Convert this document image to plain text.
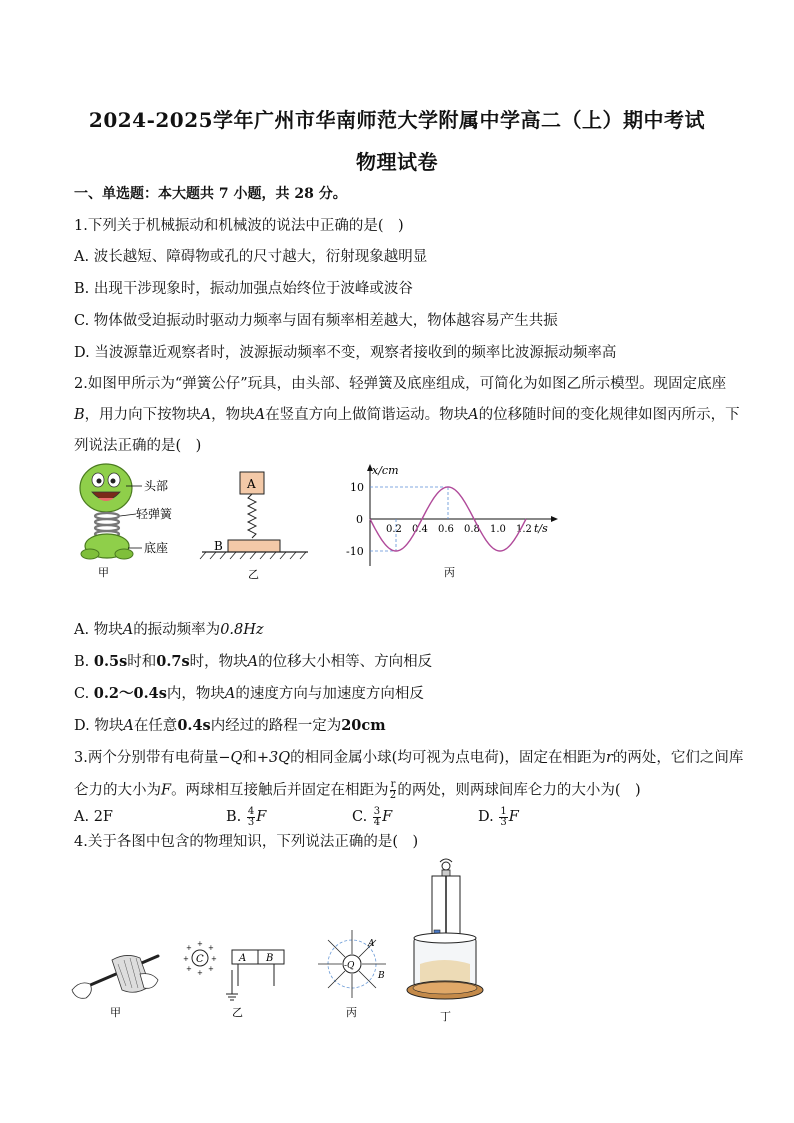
2024-2025学年广州市华南师范大学附属中学高二（上）期中考试
物理试卷
一、单选题：本大题共 7 小题，共 28 分。
1.下列关于机械振动和机械波的说法中正确的是(　)
A. 波长越短、障碍物或孔的尺寸越大，衍射现象越明显
B. 出现干涉现象时，振动加强点始终位于波峰或波谷
C. 物体做受迫振动时驱动力频率与固有频率相差越大，物体越容易产生共振
D. 当波源靠近观察者时，波源振动频率不变，观察者接收到的频率比波源振动频率高
2.如图甲所示为“弹簧公仔”玩具，由头部、轻弹簧及底座组成，可简化为如图乙所示模型。现固定底座
B，用力向下按物块A，物块A在竖直方向上做简谐运动。物块A的位移随时间的变化规律如图丙所示，下
列说法正确的是(　)
头部
轻弹簧
底座
甲
A
B
乙
x/cm
t/s
10
0
-10
0.2 0.4 0.6 0.8 1.0 1.2
丙
A. 物块A的振动频率为0.8Hz
B. 0.5s时和0.7s时，物块A的位移大小相等、方向相反
C. 0.2～0.4s内，物块A的速度方向与加速度方向相反
D. 物块A在任意0.4s内经过的路程一定为20cm
3.两个分别带有电荷量−Q和+3Q的相同金属小球(均可视为点电荷)，固定在相距为r的两处，它们之间库
仑力的大小为F。两球相互接触后并固定在相距为 $\frac{r}{2}$ 的两处，则两球间库仑力的大小为(　)
A. 2F	B. $\frac{4}{3}$ F	C. $\frac{3}{4}$ F	D. $\frac{1}{3}$ F
4.关于各图中包含的物理知识，下列说法正确的是(　)
甲
C
+ +
+
+
+
+
+
+
A B
乙
-Q
A
B
丙	丁
